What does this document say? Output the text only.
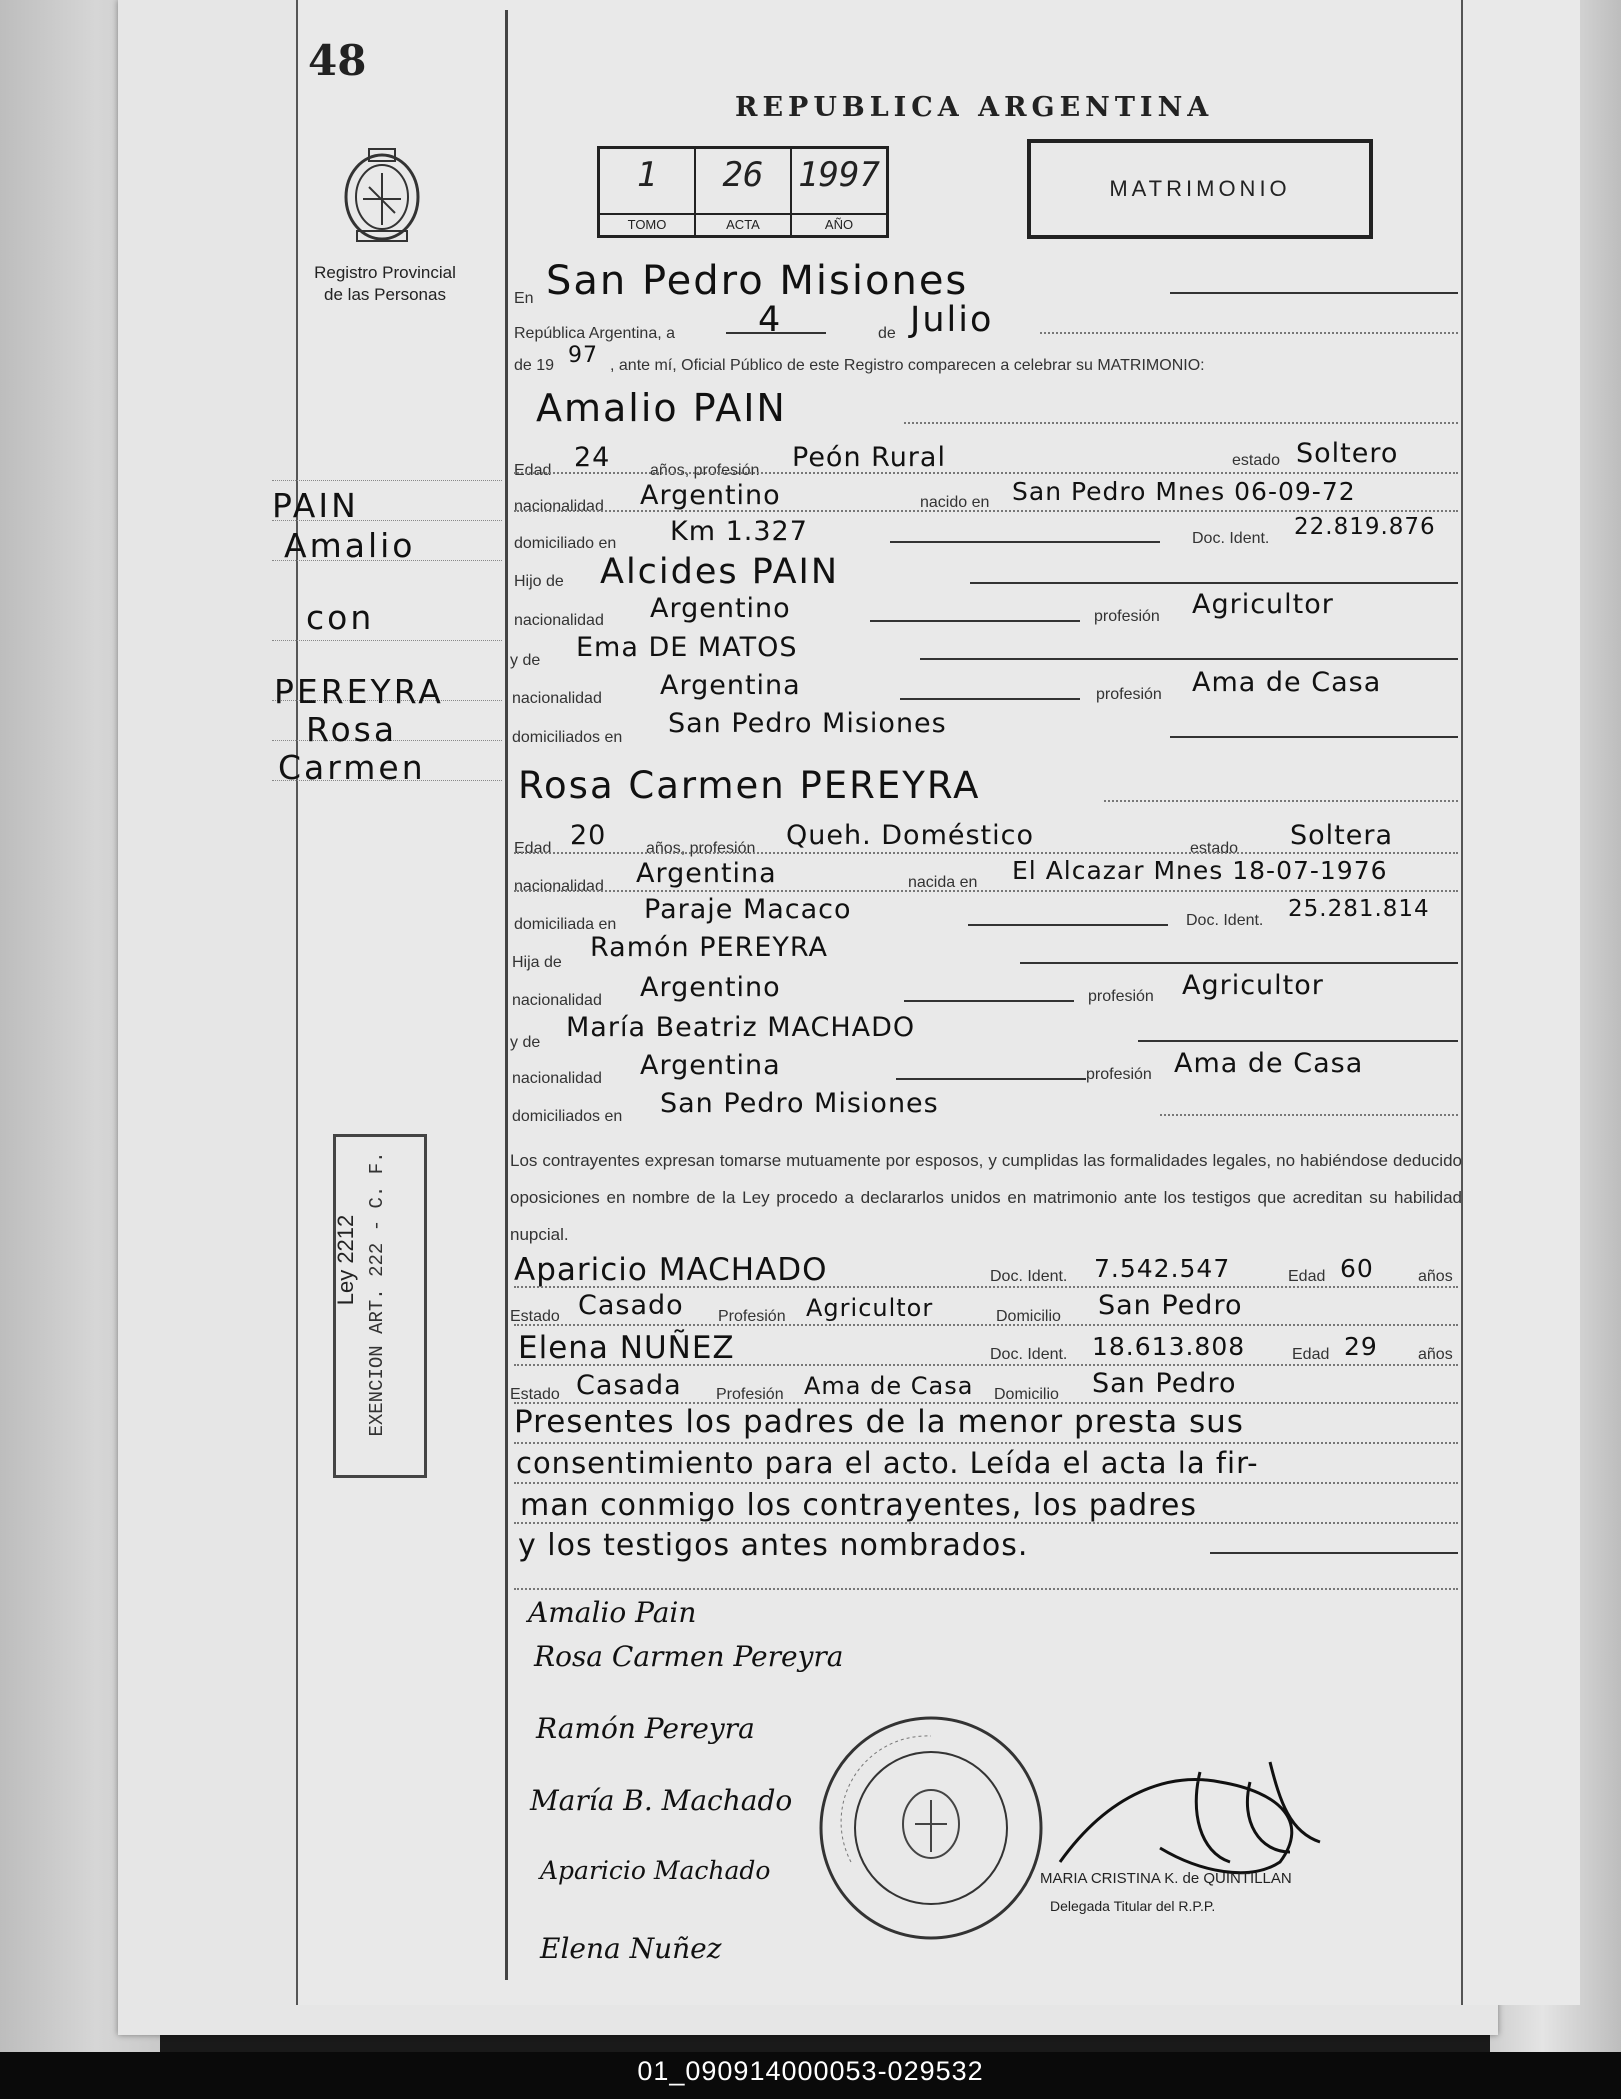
48
Registro Provincial
de las Personas
REPUBLICA ARGENTINA
1
TOMO
26
ACTA
1997
AÑO
MATRIMONIO
En San Pedro Misiones
República Argentina, a 4	de Julio
de 19 97 , ante mí, Oficial Público de este Registro comparecen a celebrar su MATRIMONIO:
Amalio PAIN
Edad 24 años, profesión Peón Rural	estado Soltero
nacionalidad Argentino	nacido en San Pedro Mnes 06-09-72
domiciliado en Km 1.327	Doc. Ident. 22.819.876
Hijo de Alcides PAIN
nacionalidad Argentino	profesión Agricultor
y de Ema DE MATOS
nacionalidad Argentina	profesión Ama de Casa
domiciliados en San Pedro Misiones
Rosa Carmen PEREYRA
Edad 20 años, profesión Queh. Doméstico	estado Soltera
nacionalidad Argentina	nacida en El Alcazar Mnes 18-07-1976
domiciliada en Paraje Macaco	Doc. Ident. 25.281.814
Hija de Ramón PEREYRA
nacionalidad Argentino	profesión Agricultor
y de María Beatriz MACHADO
nacionalidad Argentina	profesión Ama de Casa
domiciliados en San Pedro Misiones
Los contrayentes expresan tomarse mutuamente por esposos, y cumplidas las formalidades legales, no habiéndose deducido oposiciones en nombre de la Ley procedo a declararlos unidos en matrimonio ante los testigos que acreditan su habilidad nupcial.
Aparicio MACHADO	Doc. Ident. 7.542.547	Edad 60	años
Estado Casado Profesión Agricultor	Domicilio San Pedro
Elena NUÑEZ	Doc. Ident. 18.613.808	Edad 29	años
Estado Casada Profesión Ama de Casa Domicilio San Pedro
Presentes los padres de la menor presta sus
consentimiento para el acto. Leída el acta la fir-
man conmigo los contrayentes, los padres
y los testigos antes nombrados.
Amalio Pain
Rosa Carmen Pereyra
Ramón Pereyra
María B. Machado
Aparicio Machado
Elena Nuñez
MARIA CRISTINA K. de QUINTILLAN
Delegada Titular del R.P.P.
PAIN
Amalio
con
PEREYRA
Rosa
Carmen
Ley 2212 EXENCION ART. 222 - C. F.
01_090914000053-029532
